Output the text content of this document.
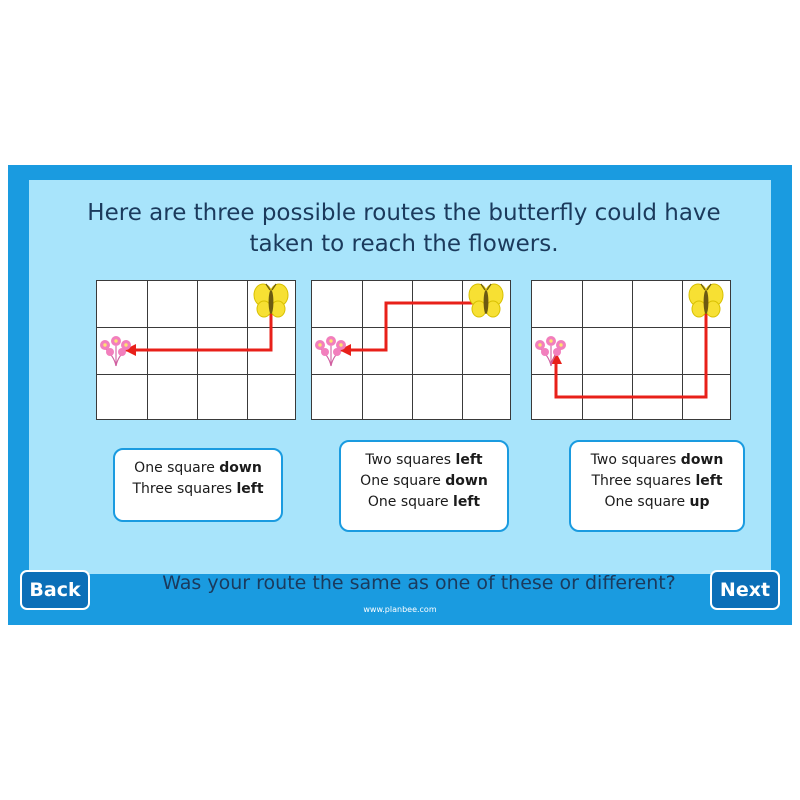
Here are three possible routes the butterfly could have taken to reach the flowers.
One square down
Three squares left
Two squares left
One square down
One square left
Two squares down
Three squares left
One square up
Was your route the same as one of these or different?
Back	Next
www.planbee.com
